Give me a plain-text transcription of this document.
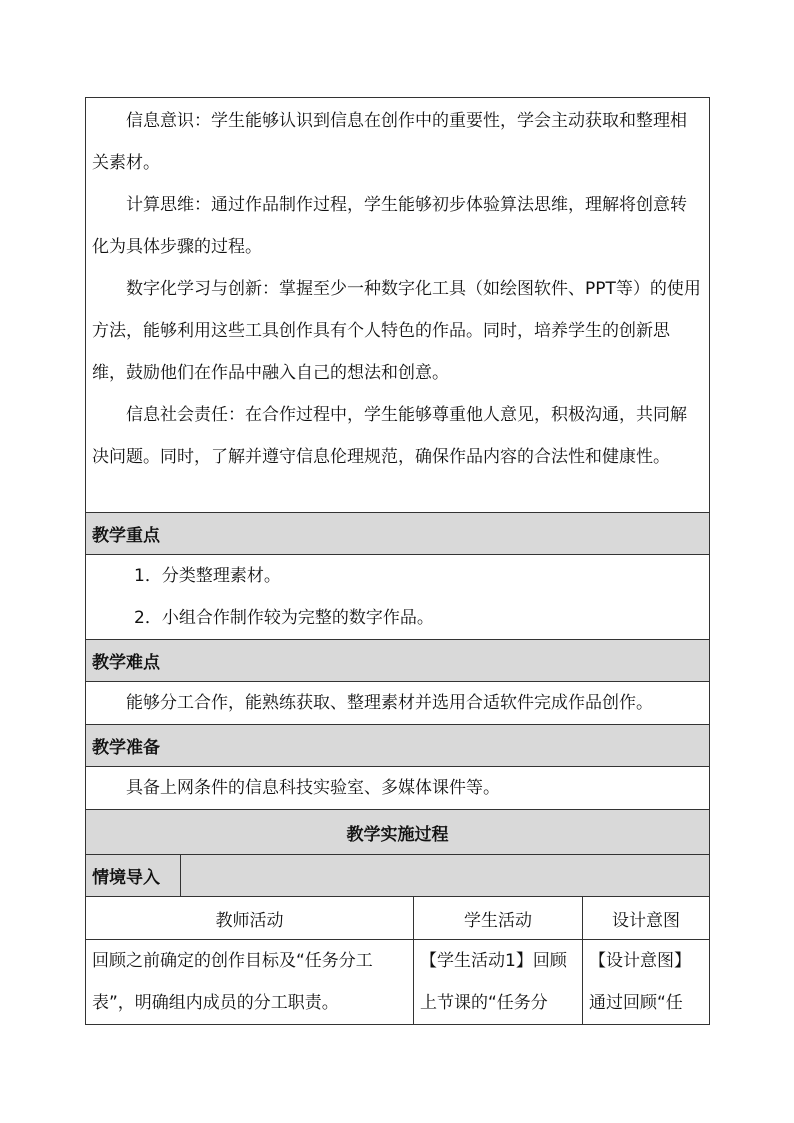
信息意识：学生能够认识到信息在创作中的重要性，学会主动获取和整理相关素材。

计算思维：通过作品制作过程，学生能够初步体验算法思维，理解将创意转化为具体步骤的过程。

数字化学习与创新：掌握至少一种数字化工具（如绘图软件、PPT等）的使用方法，能够利用这些工具创作具有个人特色的作品。同时，培养学生的创新思维，鼓励他们在作品中融入自己的想法和创意。

信息社会责任：在合作过程中，学生能够尊重他人意见，积极沟通，共同解决问题。同时，了解并遵守信息伦理规范，确保作品内容的合法性和健康性。			

教学重点			

1．分类整理素材。

2．小组合作制作较为完整的数字作品。			

教学难点			

能够分工合作，能熟练获取、整理素材并选用合适软件完成作品创作。			

教学准备			

具备上网条件的信息科技实验室、多媒体课件等。			

教学实施过程			
情境导入			
教师活动		学生活动	设计意图

回顾之前确定的创作目标及“任务分工表”，明确组内成员的分工职责。		【学生活动1】回顾上节课的“任务分	【设计意图】通过回顾“任
